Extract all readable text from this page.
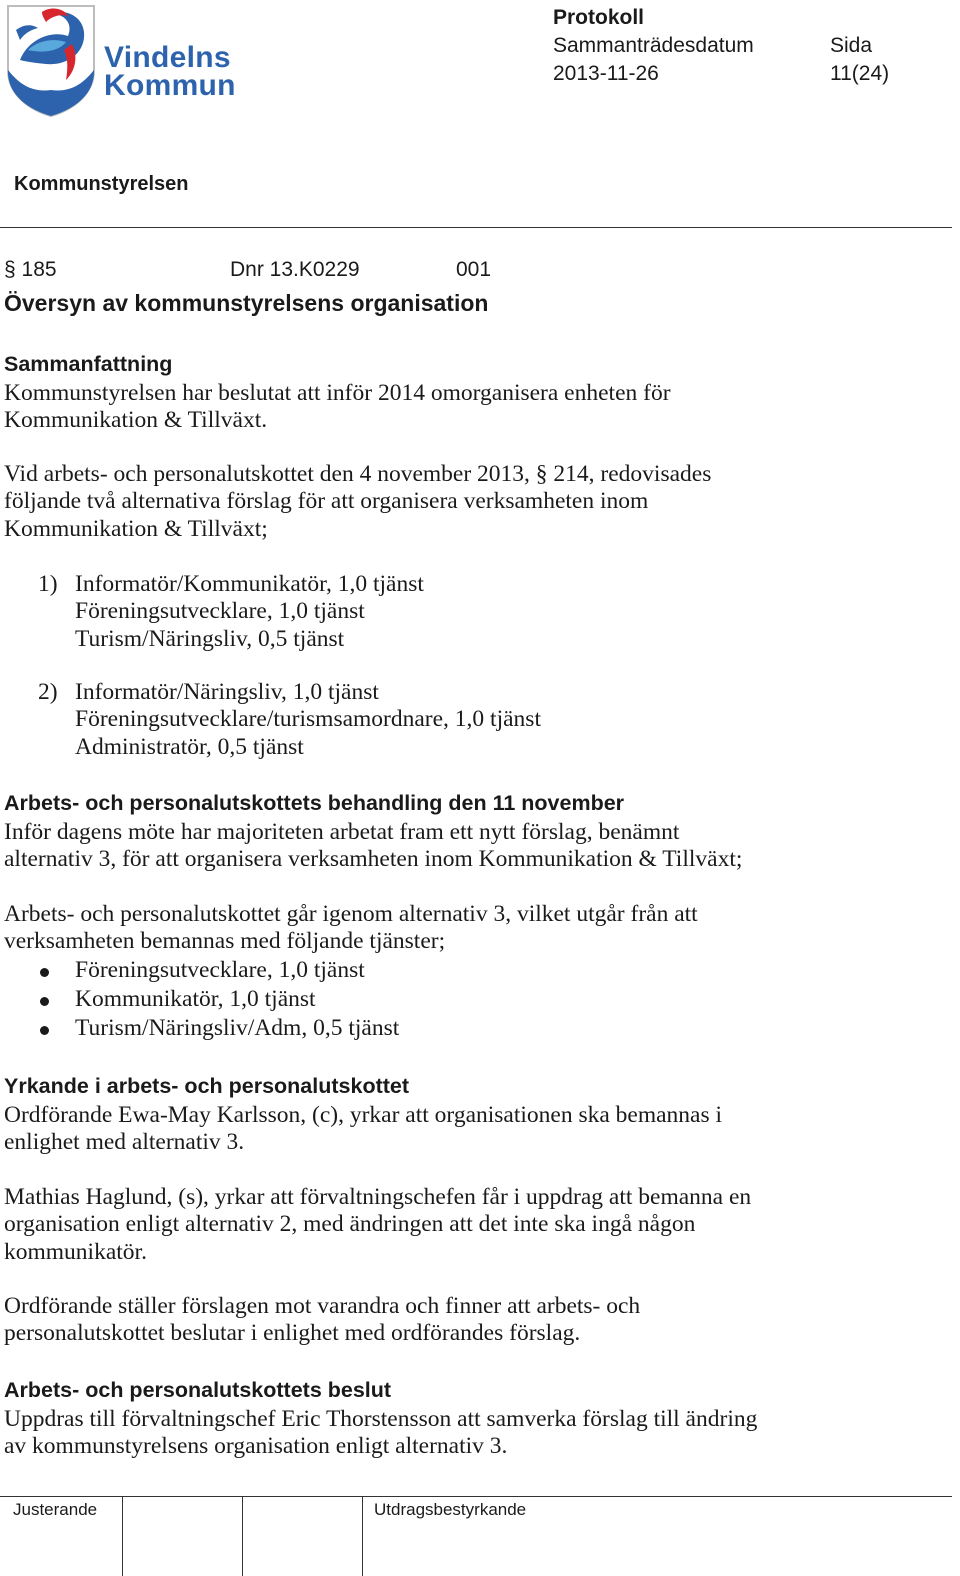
Vindelns
Kommun
Protokoll
Sammanträdesdatum
2013-11-26
Sida
11(24)
Kommunstyrelsen
§ 185	Dnr 13.K0229	001
Översyn av kommunstyrelsens organisation
Sammanfattning
Kommunstyrelsen har beslutat att inför 2014 omorganisera enheten för
Kommunikation & Tillväxt.
Vid arbets- och personalutskottet den 4 november 2013, § 214, redovisades
följande två alternativa förslag för att organisera verksamheten inom
Kommunikation & Tillväxt;
1) Informatör/Kommunikatör, 1,0 tjänst
Föreningsutvecklare, 1,0 tjänst
Turism/Näringsliv, 0,5 tjänst
2) Informatör/Näringsliv, 1,0 tjänst
Föreningsutvecklare/turismsamordnare, 1,0 tjänst
Administratör, 0,5 tjänst
Arbets- och personalutskottets behandling den 11 november
Inför dagens möte har majoriteten arbetat fram ett nytt förslag, benämnt
alternativ 3, för att organisera verksamheten inom Kommunikation & Tillväxt;
Arbets- och personalutskottet går igenom alternativ 3, vilket utgår från att
verksamheten bemannas med följande tjänster;
Föreningsutvecklare, 1,0 tjänst
Kommunikatör, 1,0 tjänst
Turism/Näringsliv/Adm, 0,5 tjänst
Yrkande i arbets- och personalutskottet
Ordförande Ewa-May Karlsson, (c), yrkar att organisationen ska bemannas i
enlighet med alternativ 3.
Mathias Haglund, (s), yrkar att förvaltningschefen får i uppdrag att bemanna en
organisation enligt alternativ 2, med ändringen att det inte ska ingå någon
kommunikatör.
Ordförande ställer förslagen mot varandra och finner att arbets- och
personalutskottet beslutar i enlighet med ordförandes förslag.
Arbets- och personalutskottets beslut
Uppdras till förvaltningschef Eric Thorstensson att samverka förslag till ändring
av kommunstyrelsens organisation enligt alternativ 3.
Justerande	Utdragsbestyrkande
